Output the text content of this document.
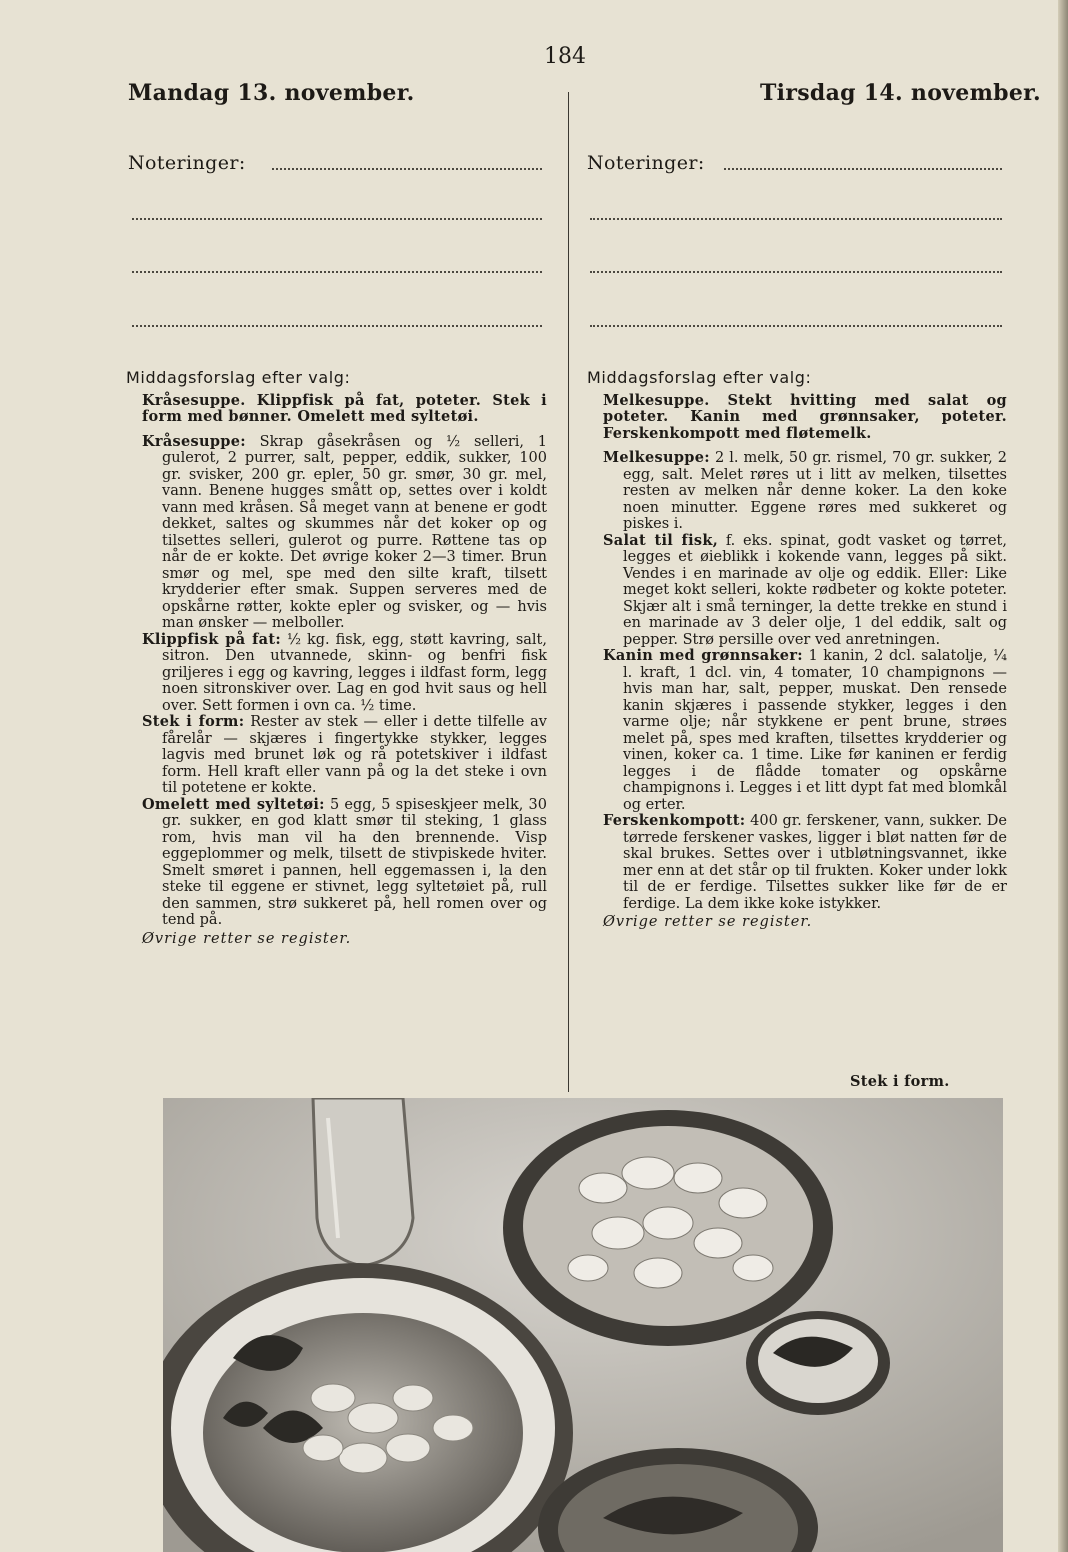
184
Mandag 13. november.	Tirsdag 14. november.
Noteringer:	Noteringer:
Middagsforslag efter valg:
Kråsesuppe. Klippfisk på fat, poteter. Stek i form med bønner. Omelett med syltetøi.

Kråsesuppe: Skrap gåsekråsen og ½ selleri, 1 gulerot, 2 purrer, salt, pepper, eddik, sukker, 100 gr. svisker, 200 gr. epler, 50 gr. smør, 30 gr. mel, vann. Benene hugges smått op, settes over i koldt vann med kråsen. Så meget vann at benene er godt dekket, saltes og skummes når det koker op og tilsettes selleri, gulerot og purre. Røttene tas op når de er kokte. Det øvrige koker 2—3 timer. Brun smør og mel, spe med den silte kraft, tilsett krydderier efter smak. Suppen serveres med de opskårne røtter, kokte epler og svisker, og — hvis man ønsker — melboller.

Klippfisk på fat: ½ kg. fisk, egg, støtt kavring, salt, sitron. Den utvannede, skinn- og benfri fisk griljeres i egg og kavring, legges i ildfast form, legg noen sitronskiver over. Lag en god hvit saus og hell over. Sett formen i ovn ca. ½ time.

Stek i form: Rester av stek — eller i dette tilfelle av fårelår — skjæres i fingertykke stykker, legges lagvis med brunet løk og rå potetskiver i ildfast form. Hell kraft eller vann på og la det steke i ovn til potetene er kokte.

Omelett med syltetøi: 5 egg, 5 spiseskjeer melk, 30 gr. sukker, en god klatt smør til steking, 1 glass rom, hvis man vil ha den brennende. Visp eggeplommer og melk, tilsett de stivpiskede hviter. Smelt smøret i pannen, hell eggemassen i, la den steke til eggene er stivnet, legg syltetøiet på, rull den sammen, strø sukkeret på, hell romen over og tend på.

Øvrige retter se register.
Middagsforslag efter valg:
Melkesuppe. Stekt hvitting med salat og poteter. Kanin med grønnsaker, poteter. Ferskenkompott med fløtemelk.

Melkesuppe: 2 l. melk, 50 gr. rismel, 70 gr. sukker, 2 egg, salt. Melet røres ut i litt av melken, tilsettes resten av melken når denne koker. La den koke noen minutter. Eggene røres med sukkeret og piskes i.

Salat til fisk, f. eks. spinat, godt vasket og tørret, legges et øieblikk i kokende vann, legges på sikt. Vendes i en marinade av olje og eddik. Eller: Like meget kokt selleri, kokte rødbeter og kokte poteter. Skjær alt i små terninger, la dette trekke en stund i en marinade av 3 deler olje, 1 del eddik, salt og pepper. Strø persille over ved anretningen.

Kanin med grønnsaker: 1 kanin, 2 dcl. salatolje, ¼ l. kraft, 1 dcl. vin, 4 tomater, 10 champignons — hvis man har, salt, pepper, muskat. Den rensede kanin skjæres i passende stykker, legges i den varme olje; når stykkene er pent brune, strøes melet på, spes med kraften, tilsettes krydderier og vinen, koker ca. 1 time. Like før kaninen er ferdig legges i de flådde tomater og opskårne champignons i. Legges i et litt dypt fat med blomkål og erter.

Ferskenkompott: 400 gr. ferskener, vann, sukker. De tørrede ferskener vaskes, ligger i bløt natten før de skal brukes. Settes over i utbløtningsvannet, ikke mer enn at det står op til frukten. Koker under lokk til de er ferdige. Tilsettes sukker like før de er ferdige. La dem ikke koke istykker.

Øvrige retter se register.
Stek i form.
